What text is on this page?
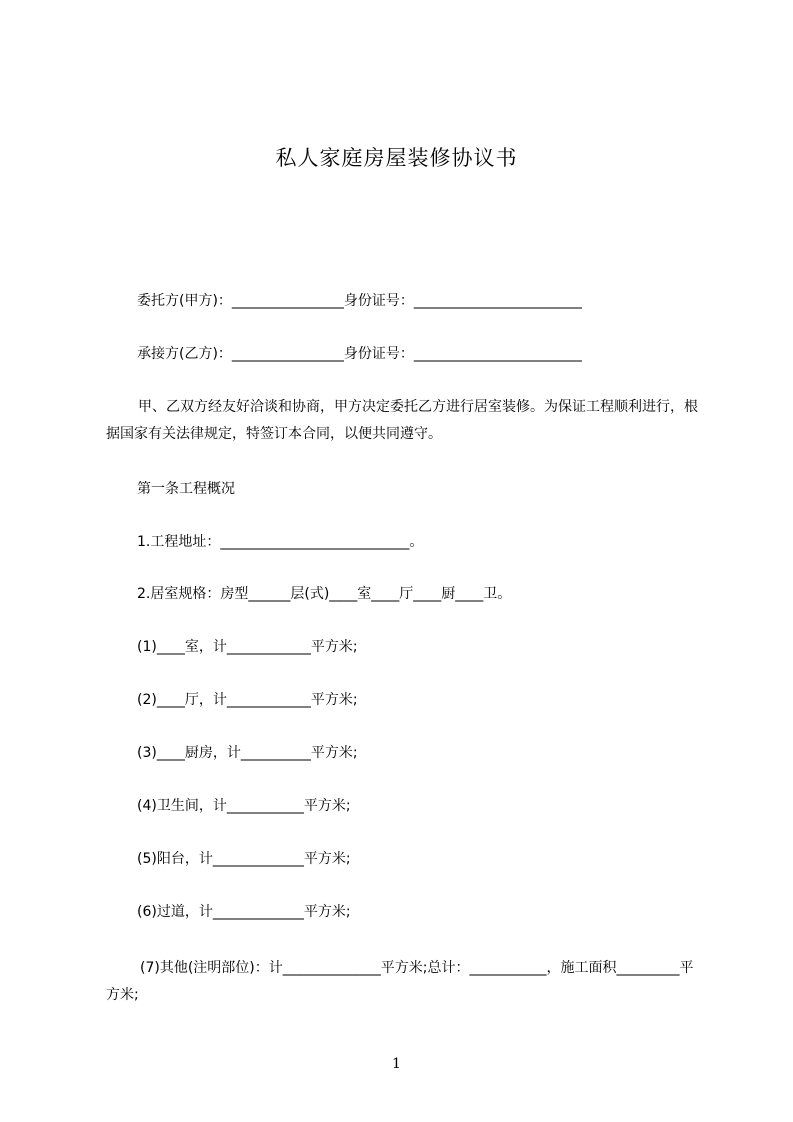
私人家庭房屋装修协议书
委托方(甲方)：________________身份证号：________________________
承接方(乙方)：________________身份证号：________________________
甲、乙双方经友好洽谈和协商，甲方决定委托乙方进行居室装修。为保证工程顺利进行，根据国家有关法律规定，特签订本合同，以便共同遵守。
第一条工程概况
1.工程地址：___________________________。
2.居室规格：房型______层(式)____室____厅____厨____卫。
(1)____室，计____________平方米;
(2)____厅，计____________平方米;
(3)____厨房，计__________平方米;
(4)卫生间，计___________平方米;
(5)阳台，计_____________平方米;
(6)过道，计_____________平方米;
(7)其他(注明部位)：计______________平方米;总计：___________，施工面积_________平方米;
1
